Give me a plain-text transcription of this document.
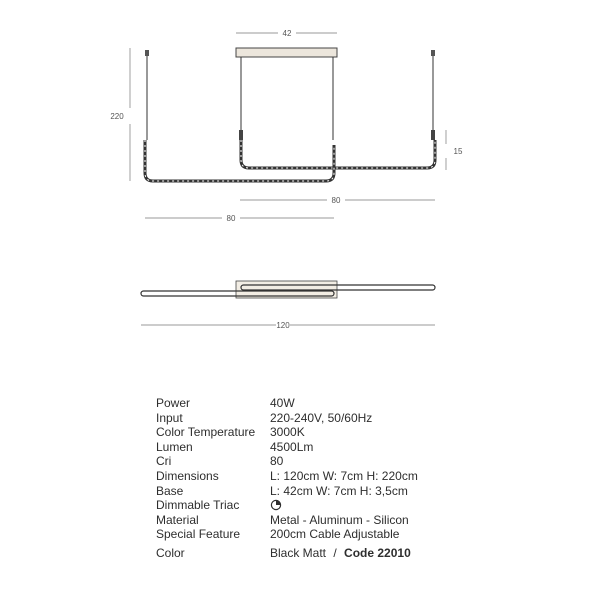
42
220
15
80
80
120
Power	40W
Input	220-240V, 50/60Hz
Color Temperature	3000K
Lumen	4500Lm
Cri	80
Dimensions	L: 120cm W: 7cm H: 220cm
Base	L: 42cm W: 7cm H: 3,5cm
Dimmable Triac
Material	Metal - Aluminum - Silicon
Special Feature	200cm Cable Adjustable
Color	Black Matt / Code 22010
